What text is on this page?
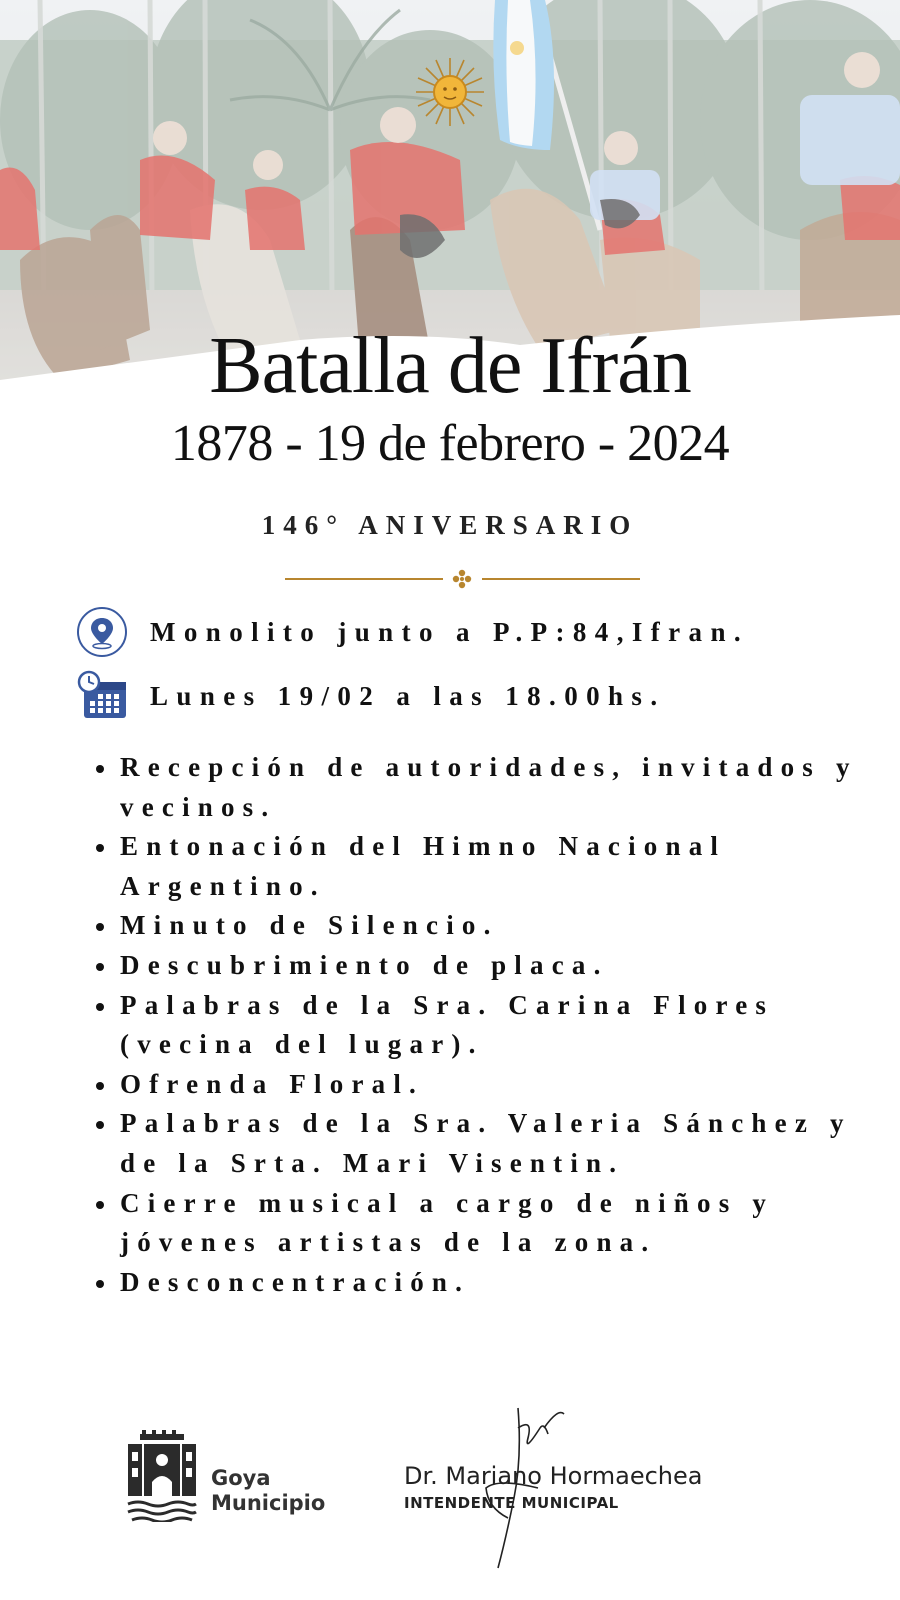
Batalla de Ifrán
1878 - 19 de febrero - 2024
146° ANIVERSARIO
Monolito junto a P.P:84,Ifran.
Lunes 19/02 a las 18.00hs.
Recepción de autoridades, invitados y vecinos.
Entonación del Himno Nacional Argentino.
Minuto de Silencio.
Descubrimiento de placa.
Palabras de la Sra. Carina Flores (vecina del lugar).
Ofrenda Floral.
Palabras de la Sra. Valeria Sánchez y de la Srta. Mari Visentin.
Cierre musical a cargo de niños y jóvenes artistas de la zona.
Desconcentración.
Goya
Municipio
Dr. Mariano Hormaechea
INTENDENTE MUNICIPAL
